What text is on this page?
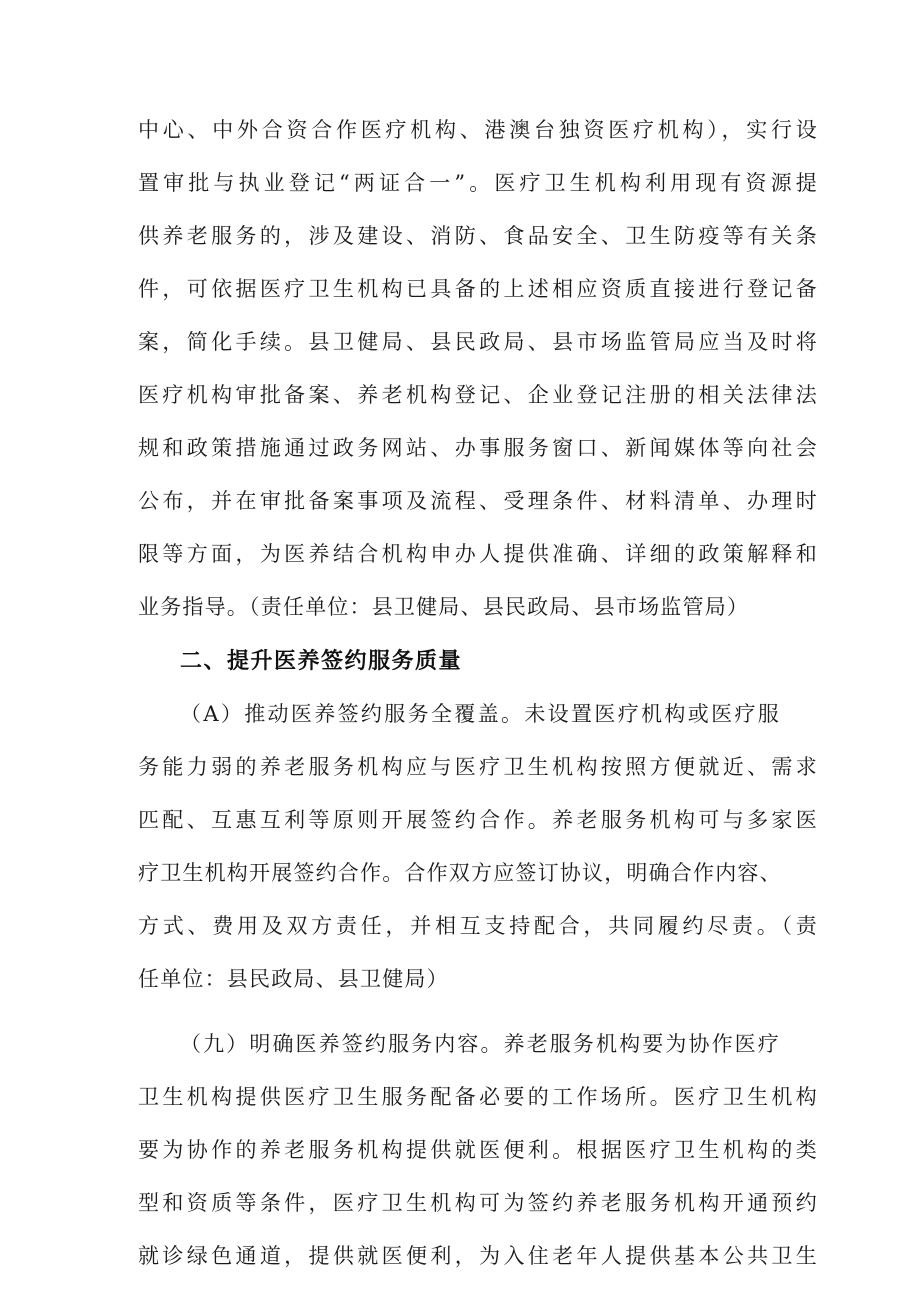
中心、中外合资合作医疗机构、港澳台独资医疗机构），实行设
置审批与执业登记“两证合一”。医疗卫生机构利用现有资源提
供养老服务的，涉及建设、消防、食品安全、卫生防疫等有关条
件，可依据医疗卫生机构已具备的上述相应资质直接进行登记备
案，简化手续。县卫健局、县民政局、县市场监管局应当及时将
医疗机构审批备案、养老机构登记、企业登记注册的相关法律法
规和政策措施通过政务网站、办事服务窗口、新闻媒体等向社会
公布，并在审批备案事项及流程、受理条件、材料清单、办理时
限等方面，为医养结合机构申办人提供准确、详细的政策解释和
业务指导。（责任单位：县卫健局、县民政局、县市场监管局）
二、提升医养签约服务质量
（A）推动医养签约服务全覆盖。未设置医疗机构或医疗服
务能力弱的养老服务机构应与医疗卫生机构按照方便就近、需求
匹配、互惠互利等原则开展签约合作。养老服务机构可与多家医
疗卫生机构开展签约合作。合作双方应签订协议，明确合作内容、
方式、费用及双方责任，并相互支持配合，共同履约尽责。（责
任单位：县民政局、县卫健局）
（九）明确医养签约服务内容。养老服务机构要为协作医疗
卫生机构提供医疗卫生服务配备必要的工作场所。医疗卫生机构
要为协作的养老服务机构提供就医便利。根据医疗卫生机构的类
型和资质等条件，医疗卫生机构可为签约养老服务机构开通预约
就诊绿色通道，提供就医便利，为入住老年人提供基本公共卫生
